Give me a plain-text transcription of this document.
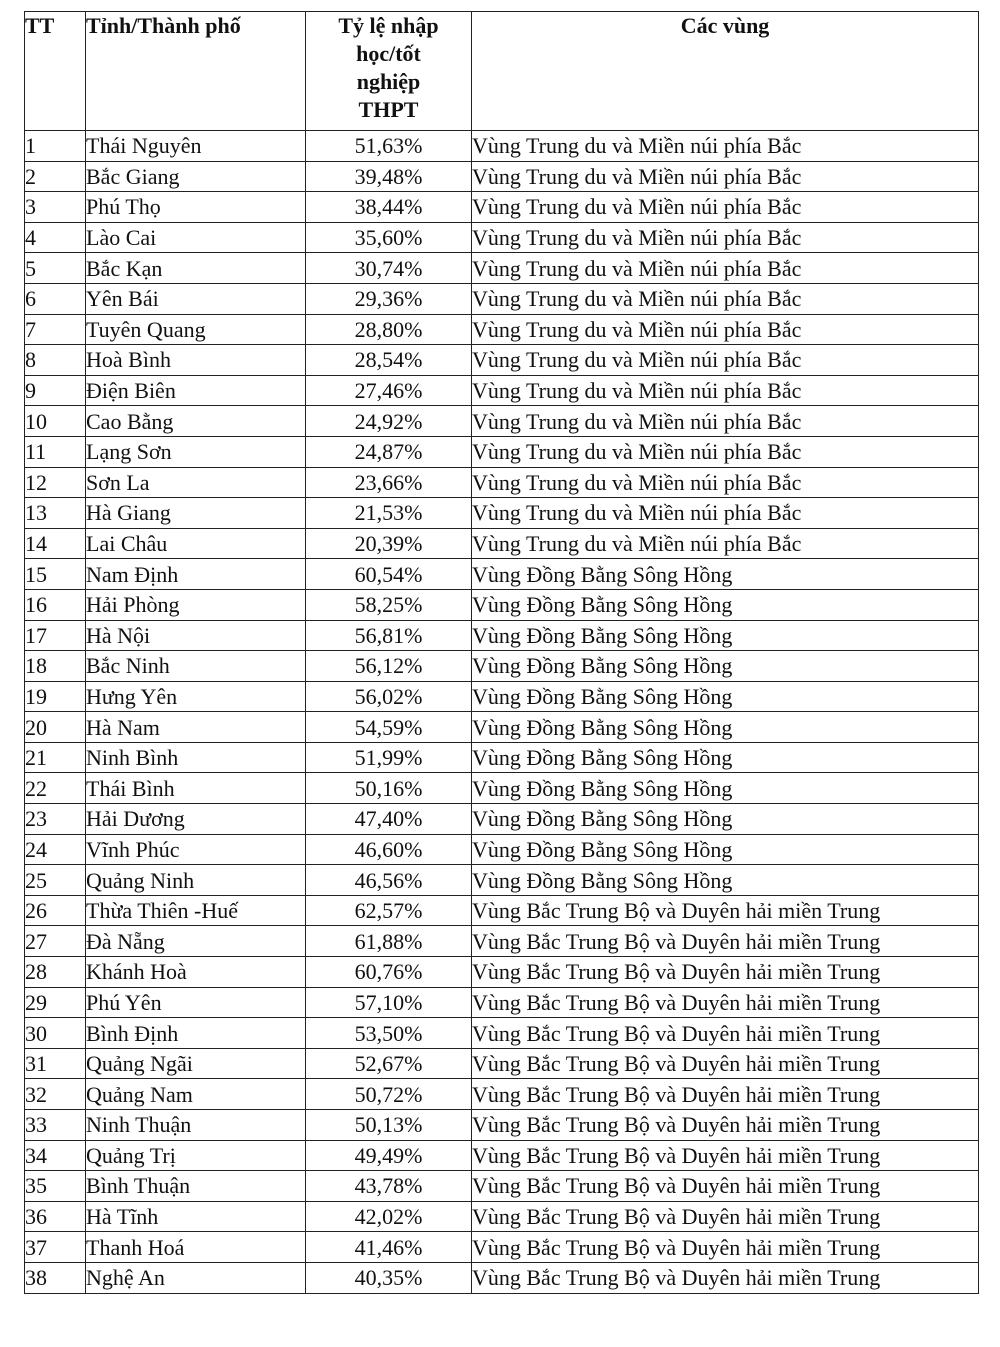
TT	Tỉnh/Thành phố	Tỷ lệ nhập
học/tốt
nghiệp
THPT	Các vùng
1	Thái Nguyên	51,63%	Vùng Trung du và Miền núi phía Bắc
2	Bắc Giang	39,48%	Vùng Trung du và Miền núi phía Bắc
3	Phú Thọ	38,44%	Vùng Trung du và Miền núi phía Bắc
4	Lào Cai	35,60%	Vùng Trung du và Miền núi phía Bắc
5	Bắc Kạn	30,74%	Vùng Trung du và Miền núi phía Bắc
6	Yên Bái	29,36%	Vùng Trung du và Miền núi phía Bắc
7	Tuyên Quang	28,80%	Vùng Trung du và Miền núi phía Bắc
8	Hoà Bình	28,54%	Vùng Trung du và Miền núi phía Bắc
9	Điện Biên	27,46%	Vùng Trung du và Miền núi phía Bắc
10	Cao Bằng	24,92%	Vùng Trung du và Miền núi phía Bắc
11	Lạng Sơn	24,87%	Vùng Trung du và Miền núi phía Bắc
12	Sơn La	23,66%	Vùng Trung du và Miền núi phía Bắc
13	Hà Giang	21,53%	Vùng Trung du và Miền núi phía Bắc
14	Lai Châu	20,39%	Vùng Trung du và Miền núi phía Bắc
15	Nam Định	60,54%	Vùng Đồng Bằng Sông Hồng
16	Hải Phòng	58,25%	Vùng Đồng Bằng Sông Hồng
17	Hà Nội	56,81%	Vùng Đồng Bằng Sông Hồng
18	Bắc Ninh	56,12%	Vùng Đồng Bằng Sông Hồng
19	Hưng Yên	56,02%	Vùng Đồng Bằng Sông Hồng
20	Hà Nam	54,59%	Vùng Đồng Bằng Sông Hồng
21	Ninh Bình	51,99%	Vùng Đồng Bằng Sông Hồng
22	Thái Bình	50,16%	Vùng Đồng Bằng Sông Hồng
23	Hải Dương	47,40%	Vùng Đồng Bằng Sông Hồng
24	Vĩnh Phúc	46,60%	Vùng Đồng Bằng Sông Hồng
25	Quảng Ninh	46,56%	Vùng Đồng Bằng Sông Hồng
26	Thừa Thiên -Huế	62,57%	Vùng Bắc Trung Bộ và Duyên hải miền Trung
27	Đà Nẵng	61,88%	Vùng Bắc Trung Bộ và Duyên hải miền Trung
28	Khánh Hoà	60,76%	Vùng Bắc Trung Bộ và Duyên hải miền Trung
29	Phú Yên	57,10%	Vùng Bắc Trung Bộ và Duyên hải miền Trung
30	Bình Định	53,50%	Vùng Bắc Trung Bộ và Duyên hải miền Trung
31	Quảng Ngãi	52,67%	Vùng Bắc Trung Bộ và Duyên hải miền Trung
32	Quảng Nam	50,72%	Vùng Bắc Trung Bộ và Duyên hải miền Trung
33	Ninh Thuận	50,13%	Vùng Bắc Trung Bộ và Duyên hải miền Trung
34	Quảng Trị	49,49%	Vùng Bắc Trung Bộ và Duyên hải miền Trung
35	Bình Thuận	43,78%	Vùng Bắc Trung Bộ và Duyên hải miền Trung
36	Hà Tĩnh	42,02%	Vùng Bắc Trung Bộ và Duyên hải miền Trung
37	Thanh Hoá	41,46%	Vùng Bắc Trung Bộ và Duyên hải miền Trung
38	Nghệ An	40,35%	Vùng Bắc Trung Bộ và Duyên hải miền Trung
